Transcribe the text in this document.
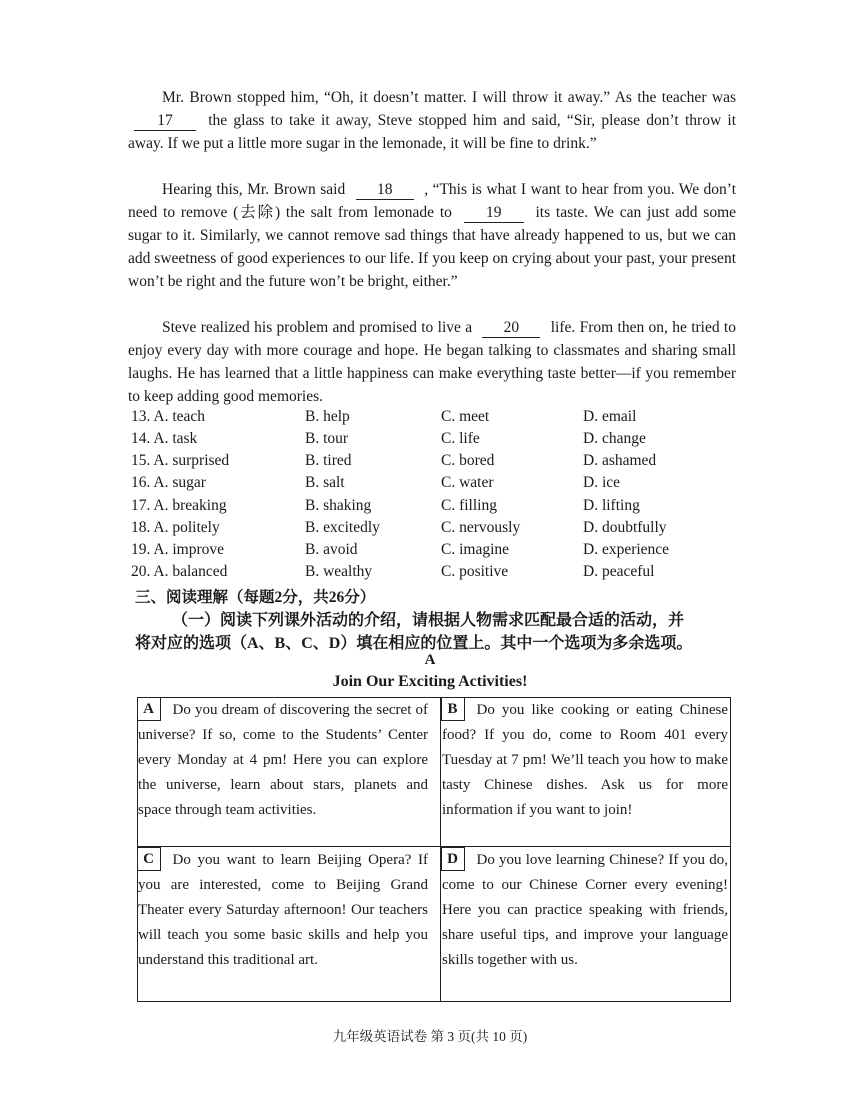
Mr. Brown stopped him, “Oh, it doesn’t matter. I will throw it away.” As the teacher was 17 the glass to take it away, Steve stopped him and said, “Sir, please don’t throw it away. If we put a little more sugar in the lemonade, it will be fine to drink.”

Hearing this, Mr. Brown said 18 , “This is what I want to hear from you. We don’t need to remove (去除) the salt from lemonade to 19 its taste. We can just add some sugar to it. Similarly, we cannot remove sad things that have already happened to us, but we can add sweetness of good experiences to our life. If you keep on crying about your past, your present won’t be right and the future won’t be bright, either.”

Steve realized his problem and promised to live a 20 life. From then on, he tried to enjoy every day with more courage and hope. He began talking to classmates and sharing small laughs. He has learned that a little happiness can make everything taste better—if you remember to keep adding good memories.

13. A. teach	B. help	C. meet	D. email
14. A. task	B. tour	C. life	D. change
15. A. surprised	B. tired	C. bored	D. ashamed
16. A. sugar	B. salt	C. water	D. ice
17. A. breaking	B. shaking	C. filling	D. lifting
18. A. politely	B. excitedly	C. nervously	D. doubtfully
19. A. improve	B. avoid	C. imagine	D. experience
20. A. balanced	B. wealthy	C. positive	D. peaceful
三、阅读理解（每题2分，共26分）
（一）阅读下列课外活动的介绍，请根据人物需求匹配最合适的活动，并
将对应的选项（A、B、C、D）填在相应的位置上。其中一个选项为多余选项。
A
Join Our Exciting Activities!
A	Do you dream of discovering the secret of universe? If so, come to the Students’ Center every Monday at 4 pm! Here you can explore the universe, learn about stars, planets and space through team activities.
B	Do you like cooking or eating Chinese food? If you do, come to Room 401 every Tuesday at 7 pm! We’ll teach you how to make tasty Chinese dishes. Ask us for more information if you want to join!
C	Do you want to learn Beijing Opera? If you are interested, come to Beijing Grand Theater every Saturday afternoon! Our teachers will teach you some basic skills and help you understand this traditional art.
D	Do you love learning Chinese? If you do, come to our Chinese Corner every evening! Here you can practice speaking with friends, share useful tips, and improve your language skills together with us.
九年级英语试卷 第 3 页(共 10 页)
